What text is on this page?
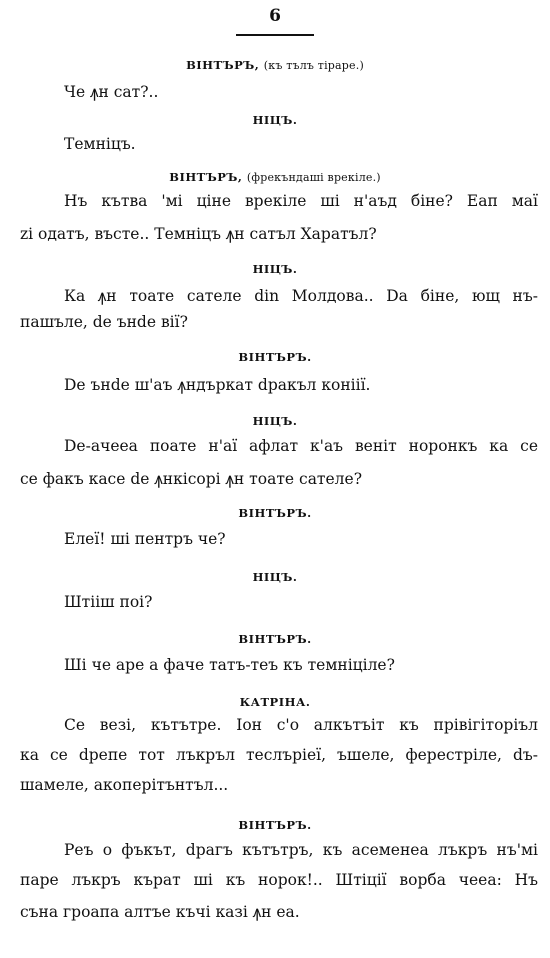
6
ВІНТЪРЪ, (къ тълъ тірарe.)
Че ꙟн сат?..
НІЦЪ.
Темніцъ.
ВІНТЪРЪ, (фрекъндаші врекіле.)
Нъ кътва 'мі ціне врекіле ші н'аъд біне? Еап маї
zi одатъ, въсте.. Темніцъ ꙟн сатъл Харатъл?
НІЦЪ.
Ка ꙟн тоате сателе din Молдова.. Da біне, ющ нъ-
пашъле, de ънde вії?
ВІНТЪРЪ.
De ънde ш'аъ ꙟндъркат dракъл коніії.
НІЦЪ.
De-ачееа поате н'аї афлат к'аъ веніт норонкъ ка се
се факъ касе de ꙟнкісорі ꙟн тоате сателе?
ВІНТЪРЪ.
Елеї! ші пентръ че?
НІЦЪ.
Штііш поі?
ВІНТЪРЪ.
Ші че аре а фаче татъ-теъ къ темніціле?
КАТРІНА.
Се везі, кътътре. Іон с'о алкътъіт къ прівігіторіъл
ка се dрепе тот лъкръл теслъріеї, ъшеле, ферестріле, dъ-
шамеле, акоперітънтъл...
ВІНТЪРЪ.
Реъ о фъкът, dрагъ кътътръ, къ асеменеа лъкръ нъ'мі
паре лъкръ кърат ші къ норок!.. Штіції ворба чееа: Нъ
съна гроапа алтъе къчі казі ꙟн еа.
